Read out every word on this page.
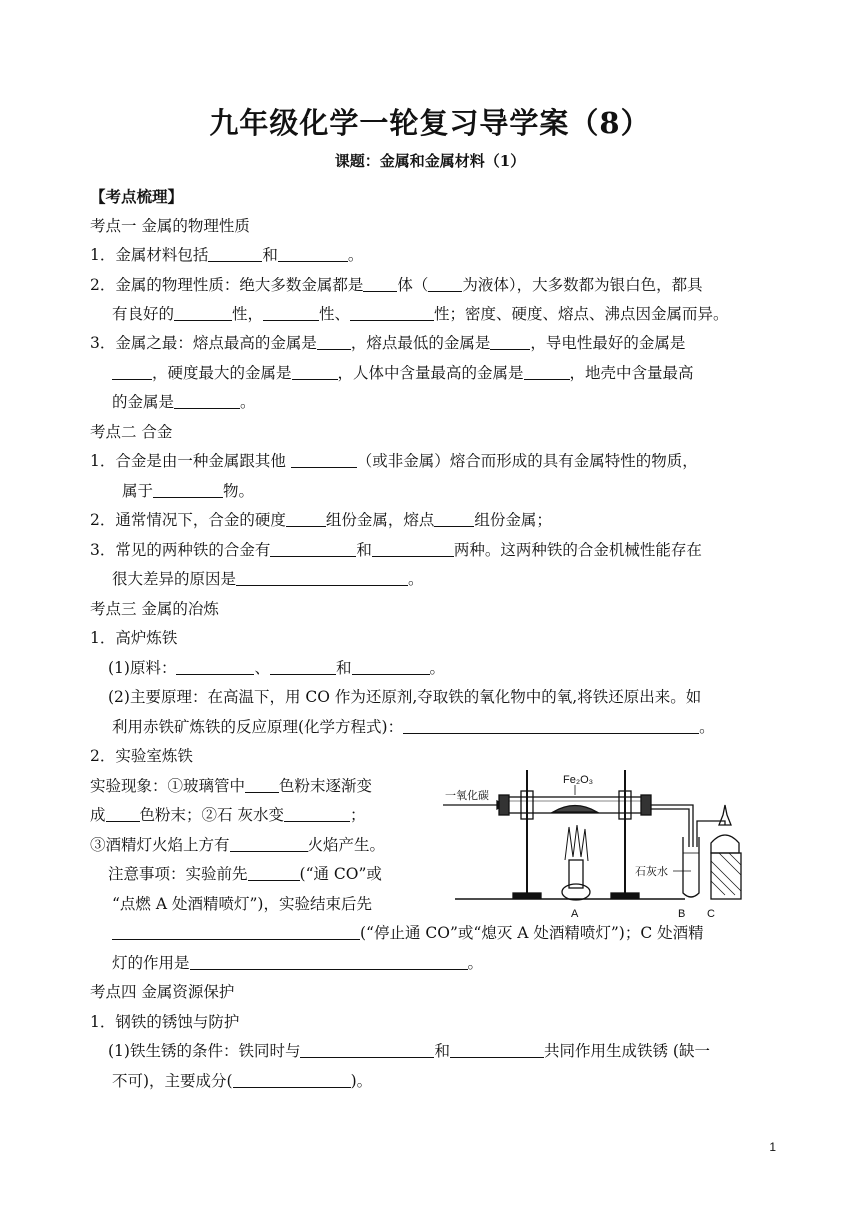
九年级化学一轮复习导学案（8）
课题：金属和金属材料（1）
【考点梳理】
考点一 金属的物理性质
1．金属材料包括	和	。
2．金属的物理性质：绝大多数金属都是 体（ 为液体），大多数都为银白色，都具
有良好的	性，	性、	性；密度、硬度、熔点、沸点因金属而异。
3．金属之最：熔点最高的金属是 ，熔点最低的金属是	，导电性最好的金属是
，硬度最大的金属是	，人体中含量最高的金属是	，地壳中含量最高
的金属是	。
考点二 合金
1．合金是由一种金属跟其他	（或非金属）熔合而形成的具有金属特性的物质，
属于	物。
2．通常情况下，合金的硬度	组份金属，熔点	组份金属；
3．常见的两种铁的合金有	和	两种。这两种铁的合金机械性能存在
很大差异的原因是	。
考点三 金属的冶炼
1．高炉炼铁
(1)原料：	、	和	。
(2)主要原理：在高温下，用 CO 作为还原剂,夺取铁的氧化物中的氧,将铁还原出来。如
利用赤铁矿炼铁的反应原理(化学方程式)：	。
2．实验室炼铁
实验现象：①玻璃管中 色粉末逐渐变
成 色粉末；②石 灰水变	；
③酒精灯火焰上方有	火焰产生。
注意事项：实验前先	(“通 CO”或
“点燃 A 处酒精喷灯”)，实验结束后先
(“停止通 CO”或“熄灭 A 处酒精喷灯”)；C 处酒精
灯的作用是	。
考点四 金属资源保护
1．钢铁的锈蚀与防护
(1)铁生锈的条件：铁同时与	和	共同作用生成铁锈 (缺一
不可)，主要成分(	)。
一氧化碳
Fe₂O₃
石灰水
A	B C
1
